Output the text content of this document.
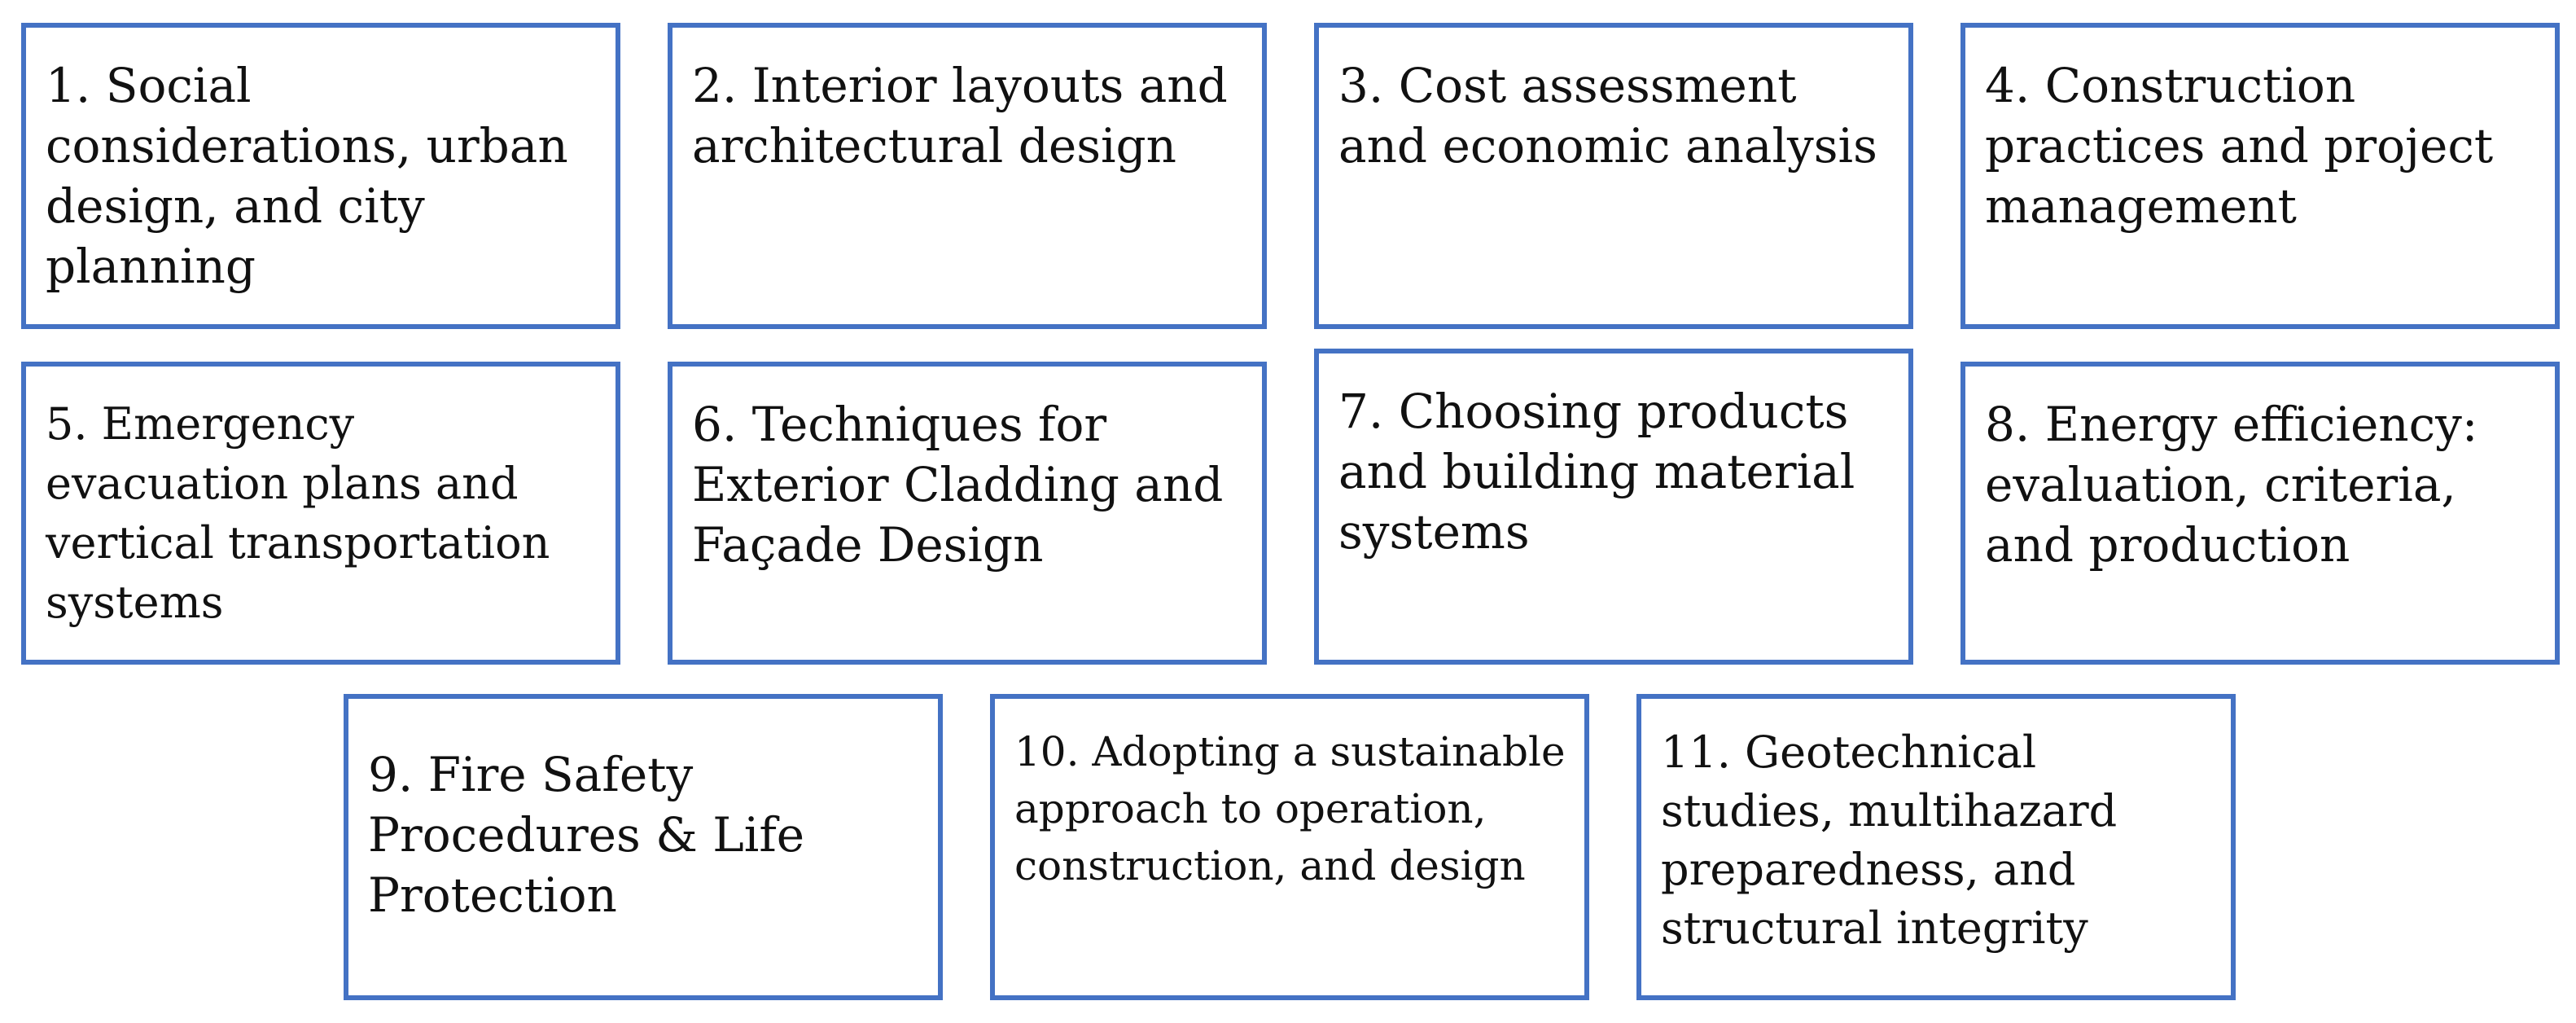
1. Social considerations, urban design, and city planning
2. Interior layouts and architectural design
3. Cost assessment and economic analysis
4. Construction practices and project management
5. Emergency evacuation plans and vertical transportation systems
6. Techniques for Exterior Cladding and Façade Design
7. Choosing products and building material systems
8. Energy efficiency: evaluation, criteria, and production
9. Fire Safety Procedures & Life Protection
10. Adopting a sustainable approach to operation, construction, and design
11. Geotechnical studies, multihazard preparedness, and structural integrity
